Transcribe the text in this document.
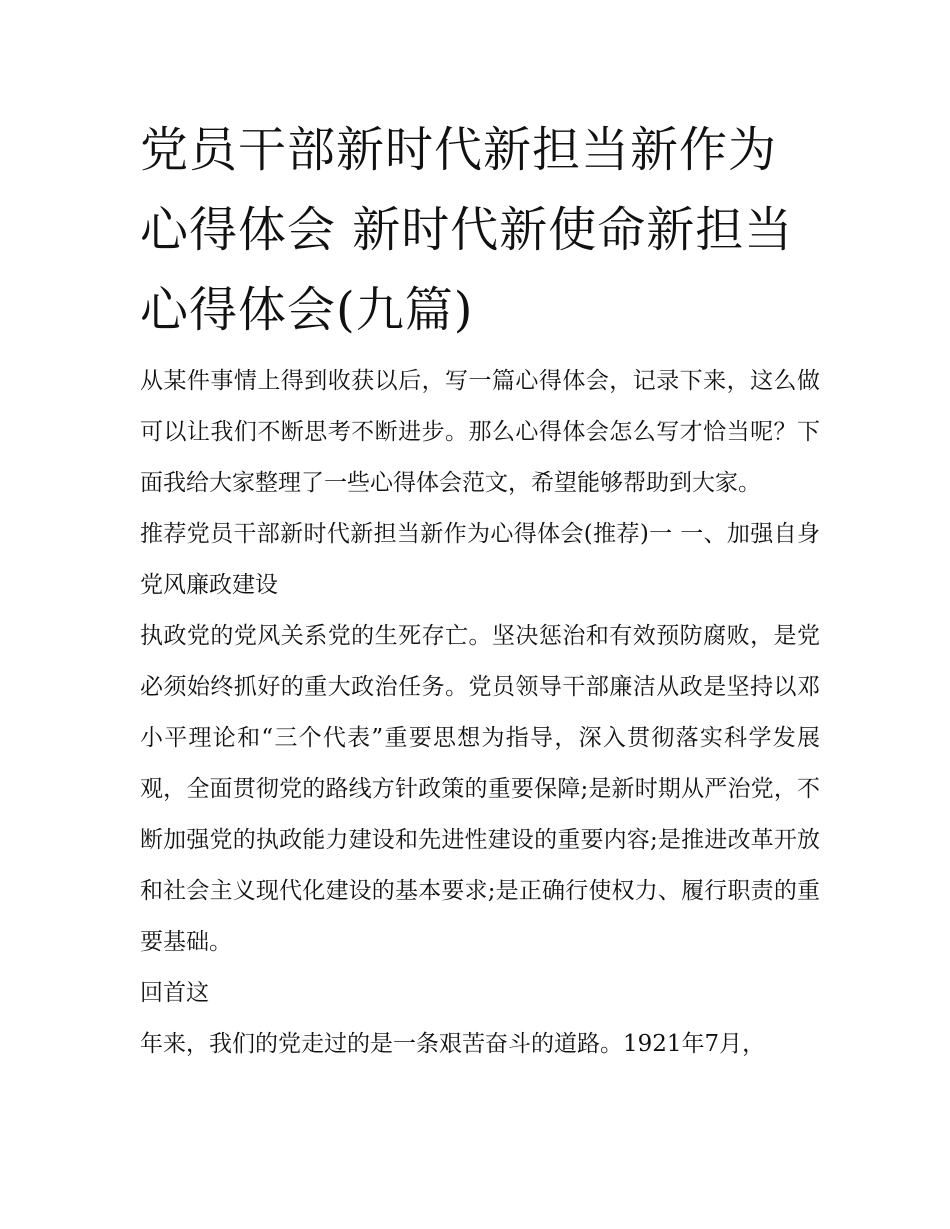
党员干部新时代新担当新作为心得体会 新时代新使命新担当心得体会(九篇)

从某件事情上得到收获以后，写一篇心得体会，记录下来，这么做可以让我们不断思考不断进步。那么心得体会怎么写才恰当呢？下面我给大家整理了一些心得体会范文，希望能够帮助到大家。

推荐党员干部新时代新担当新作为心得体会(推荐)一 一、加强自身党风廉政建设

执政党的党风关系党的生死存亡。坚决惩治和有效预防腐败，是党必须始终抓好的重大政治任务。党员领导干部廉洁从政是坚持以邓小平理论和“三个代表”重要思想为指导，深入贯彻落实科学发展观，全面贯彻党的路线方针政策的重要保障;是新时期从严治党，不断加强党的执政能力建设和先进性建设的重要内容;是推进改革开放和社会主义现代化建设的基本要求;是正确行使权力、履行职责的重要基础。

回首这

年来，我们的党走过的是一条艰苦奋斗的道路。1921年7月，
